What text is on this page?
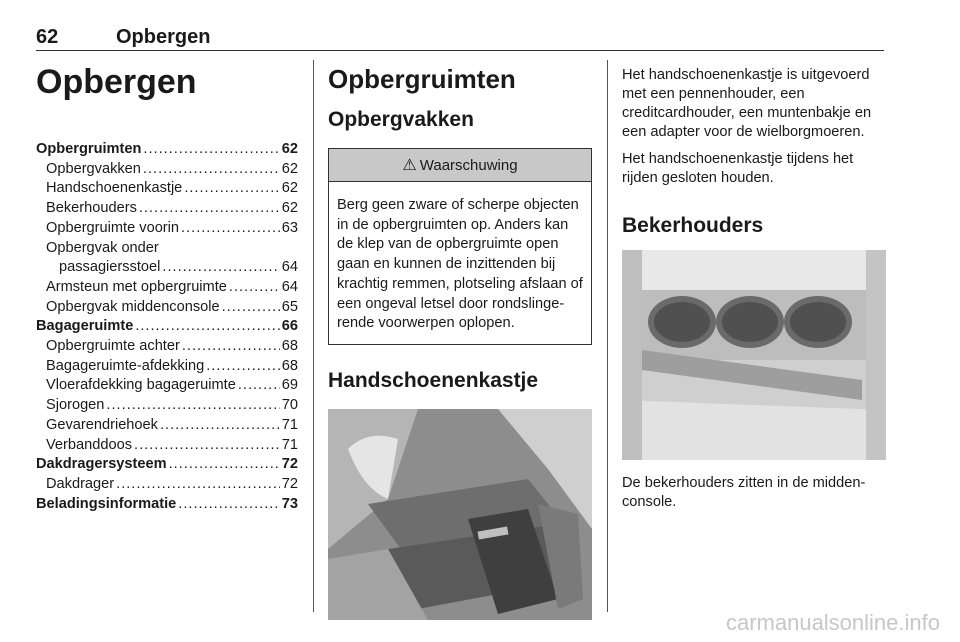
62	Opbergen
Opbergen
Opbergruimten .....	62
Opbergvakken .....	62
Handschoenenkastje .....	62
Bekerhouders .....	62
Opbergruimte voorin .....	63
Opbergvak onder
passagiersstoel .....	64
Armsteun met opbergruimte .....	64
Opbergvak middenconsole .....	65
Bagageruimte .....	66
Opbergruimte achter .....	68
Bagageruimte-afdekking .....	68
Vloerafdekking bagageruimte .....	69
Sjorogen .....	70
Gevarendriehoek .....	71
Verbanddoos .....	71
Dakdragersysteem .....	72
Dakdrager .....	72
Beladingsinformatie .....	73
Opbergruimten
Opbergvakken
⚠ Waarschuwing
Berg geen zware of scherpe objecten in de opbergruimten op. Anders kan de klep van de opbergruimte open gaan en kunnen de inzittenden bij krachtig remmen, plotseling afslaan of een ongeval letsel door rondslingerende voorwerpen oplopen.
Handschoenenkastje

Het handschoenenkastje is uitgevoerd met een pennenhouder, een creditcardhouder, een muntenbakje en een adapter voor de wielborgmoeren.

Het handschoenenkastje tijdens het rijden gesloten houden.

Bekerhouders

De bekerhouders zitten in de middenconsole.

carmanualsonline.info
